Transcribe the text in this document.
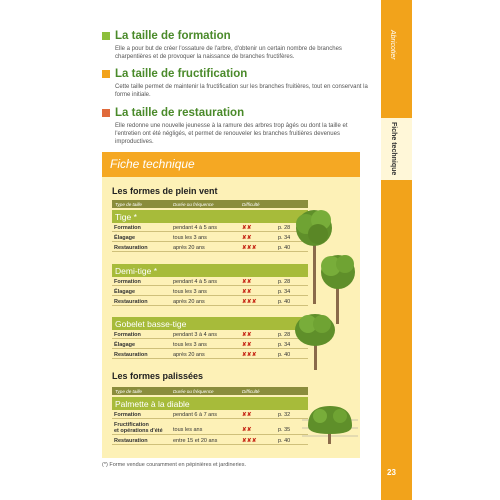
Abricotier
Fiche technique
23
La taille de formation

Elle a pour but de créer l'ossature de l'arbre, d'obtenir un certain nombre de branches charpentières et de provoquer la naissance de branches fructifères.

La taille de fructification

Cette taille permet de maintenir la fructification sur les branches fruitières, tout en conservant la forme initiale.

La taille de restauration

Elle redonne une nouvelle jeunesse à la ramure des arbres trop âgés ou dont la taille et l'entretien ont été négligés, et permet de renouveler les branches fruitières devenues improductives.

Fiche technique
Les formes de plein vent
Type de taille	Durée ou fréquence	Difficulté
Tige *
Formation	pendant 4 à 5 ans	✘✘	p. 28
Élagage	tous les 3 ans	✘✘	p. 34
Restauration	après 20 ans	✘✘✘	p. 40
Demi-tige *
Formation	pendant 4 à 5 ans	✘✘	p. 28
Élagage	tous les 3 ans	✘✘	p. 34
Restauration	après 20 ans	✘✘✘	p. 40
Gobelet basse-tige
Formation	pendant 3 à 4 ans	✘✘	p. 28
Élagage	tous les 3 ans	✘✘	p. 34
Restauration	après 20 ans	✘✘✘	p. 40
Les formes palissées
Type de taille	Durée ou fréquence	Difficulté
Palmette à la diable
Formation	pendant 6 à 7 ans	✘✘	p. 32
Fructification
et opérations d'été tous les ans	✘✘	p. 35
Restauration	entre 15 et 20 ans	✘✘✘	p. 40
(*) Forme vendue couramment en pépinières et jardineries.
